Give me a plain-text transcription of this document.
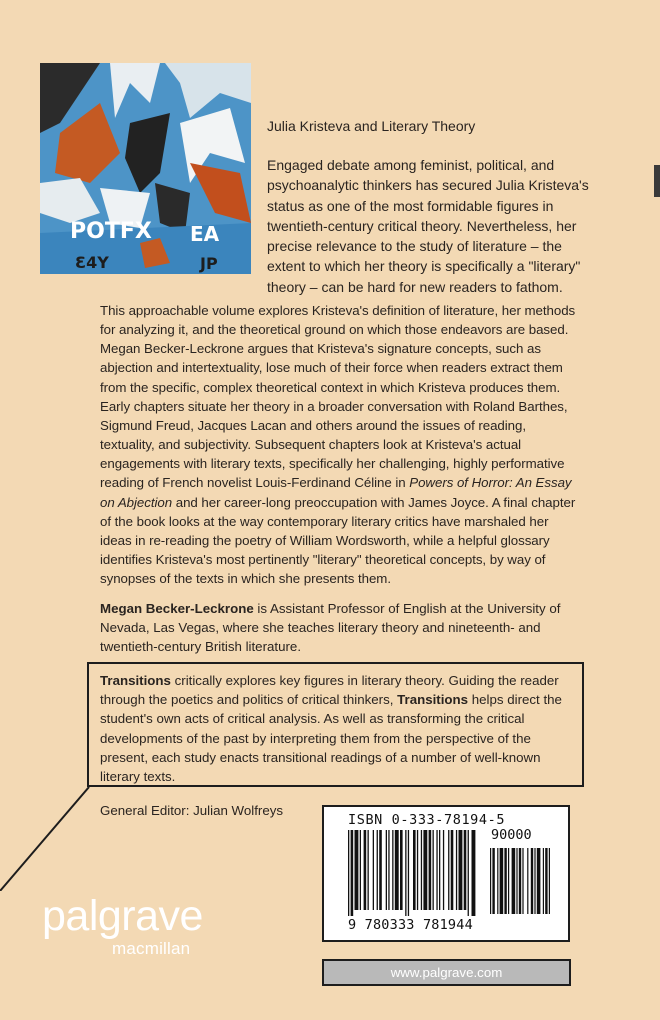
POTFX EA
Ɛ4Y	JP
Julia Kristeva and Literary Theory

Engaged debate among feminist, political, and psychoanalytic thinkers has secured Julia Kristeva's status as one of the most formidable figures in twentieth-century critical theory. Nevertheless, her precise relevance to the study of literature – the extent to which her theory is specifically a "literary" theory – can be hard for new readers to fathom.

This approachable volume explores Kristeva's definition of literature, her methods for analyzing it, and the theoretical ground on which those endeavors are based. Megan Becker-Leckrone argues that Kristeva's signature concepts, such as abjection and intertextuality, lose much of their force when readers extract them from the specific, complex theoretical context in which Kristeva produces them. Early chapters situate her theory in a broader conversation with Roland Barthes, Sigmund Freud, Jacques Lacan and others around the issues of reading, textuality, and subjectivity. Subsequent chapters look at Kristeva's actual engagements with literary texts, specifically her challenging, highly performative reading of French novelist Louis-Ferdinand Céline in Powers of Horror: An Essay on Abjection and her career-long preoccupation with James Joyce. A final chapter of the book looks at the way contemporary literary critics have marshaled her ideas in re-reading the poetry of William Wordsworth, while a helpful glossary identifies Kristeva's most pertinently "literary" theoretical concepts, by way of synopses of the texts in which she presents them.

Megan Becker-Leckrone is Assistant Professor of English at the University of Nevada, Las Vegas, where she teaches literary theory and nineteenth- and twentieth-century British literature.

Transitions critically explores key figures in literary theory. Guiding the reader through the poetics and politics of critical thinkers, Transitions helps direct the student's own acts of critical analysis. As well as transforming the critical developments of the past by interpreting them from the perspective of the present, each study enacts transitional readings of a number of well-known literary texts.

General Editor: Julian Wolfreys
ISBN 0-333-78194-5
90000
9 780333 781944
palgrave
macmillan
www.palgrave.com
